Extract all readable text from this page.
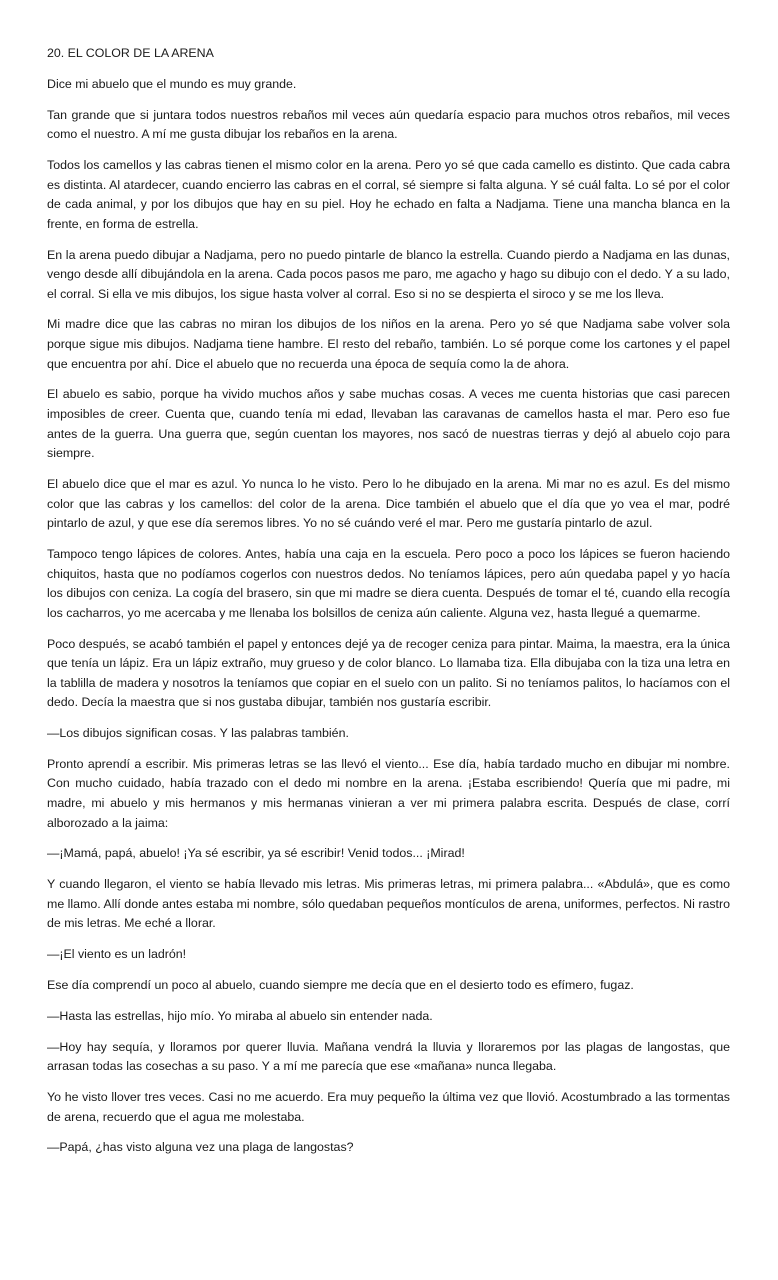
20. EL COLOR DE LA ARENA

Dice mi abuelo que el mundo es muy grande.

Tan grande que si juntara todos nuestros rebaños mil veces aún quedaría espacio para muchos otros rebaños, mil veces como el nuestro. A mí me gusta dibujar los rebaños en la arena.

Todos los camellos y las cabras tienen el mismo color en la arena. Pero yo sé que cada camello es distinto. Que cada cabra es distinta. Al atardecer, cuando encierro las cabras en el corral, sé siempre si falta alguna. Y sé cuál falta. Lo sé por el color de cada animal, y por los dibujos que hay en su piel. Hoy he echado en falta a Nadjama. Tiene una mancha blanca en la frente, en forma de estrella.

En la arena puedo dibujar a Nadjama, pero no puedo pintarle de blanco la estrella. Cuando pierdo a Nadjama en las dunas, vengo desde allí dibujándola en la arena. Cada pocos pasos me paro, me agacho y hago su dibujo con el dedo. Y a su lado, el corral. Si ella ve mis dibujos, los sigue hasta volver al corral. Eso si no se despierta el siroco y se me los lleva.

Mi madre dice que las cabras no miran los dibujos de los niños en la arena. Pero yo sé que Nadjama sabe volver sola porque sigue mis dibujos. Nadjama tiene hambre. El resto del rebaño, también. Lo sé porque come los cartones y el papel que encuentra por ahí. Dice el abuelo que no recuerda una época de sequía como la de ahora.

El abuelo es sabio, porque ha vivido muchos años y sabe muchas cosas. A veces me cuenta historias que casi parecen imposibles de creer. Cuenta que, cuando tenía mi edad, llevaban las caravanas de camellos hasta el mar. Pero eso fue antes de la guerra. Una guerra que, según cuentan los mayores, nos sacó de nuestras tierras y dejó al abuelo cojo para siempre.

El abuelo dice que el mar es azul. Yo nunca lo he visto. Pero lo he dibujado en la arena. Mi mar no es azul. Es del mismo color que las cabras y los camellos: del color de la arena. Dice también el abuelo que el día que yo vea el mar, podré pintarlo de azul, y que ese día seremos libres. Yo no sé cuándo veré el mar. Pero me gustaría pintarlo de azul.

Tampoco tengo lápices de colores. Antes, había una caja en la escuela. Pero poco a poco los lápices se fueron haciendo chiquitos, hasta que no podíamos cogerlos con nuestros dedos. No teníamos lápices, pero aún quedaba papel y yo hacía los dibujos con ceniza. La cogía del brasero, sin que mi madre se diera cuenta. Después de tomar el té, cuando ella recogía los cacharros, yo me acercaba y me llenaba los bolsillos de ceniza aún caliente. Alguna vez, hasta llegué a quemarme.

Poco después, se acabó también el papel y entonces dejé ya de recoger ceniza para pintar. Maima, la maestra, era la única que tenía un lápiz. Era un lápiz extraño, muy grueso y de color blanco. Lo llamaba tiza. Ella dibujaba con la tiza una letra en la tablilla de madera y nosotros la teníamos que copiar en el suelo con un palito. Si no teníamos palitos, lo hacíamos con el dedo. Decía la maestra que si nos gustaba dibujar, también nos gustaría escribir.

—Los dibujos significan cosas. Y las palabras también.

Pronto aprendí a escribir. Mis primeras letras se las llevó el viento... Ese día, había tardado mucho en dibujar mi nombre. Con mucho cuidado, había trazado con el dedo mi nombre en la arena. ¡Estaba escribiendo! Quería que mi padre, mi madre, mi abuelo y mis hermanos y mis hermanas vinieran a ver mi primera palabra escrita. Después de clase, corrí alborozado a la jaima:

—¡Mamá, papá, abuelo! ¡Ya sé escribir, ya sé escribir! Venid todos... ¡Mirad!

Y cuando llegaron, el viento se había llevado mis letras. Mis primeras letras, mi primera palabra... «Abdulá», que es como me llamo. Allí donde antes estaba mi nombre, sólo quedaban pequeños montículos de arena, uniformes, perfectos. Ni rastro de mis letras. Me eché a llorar.

—¡El viento es un ladrón!

Ese día comprendí un poco al abuelo, cuando siempre me decía que en el desierto todo es efímero, fugaz.

—Hasta las estrellas, hijo mío. Yo miraba al abuelo sin entender nada.

—Hoy hay sequía, y lloramos por querer lluvia. Mañana vendrá la lluvia y lloraremos por las plagas de langostas, que arrasan todas las cosechas a su paso. Y a mí me parecía que ese «mañana» nunca llegaba.

Yo he visto llover tres veces. Casi no me acuerdo. Era muy pequeño la última vez que llovió. Acostumbrado a las tormentas de arena, recuerdo que el agua me molestaba.

—Papá, ¿has visto alguna vez una plaga de langostas?
